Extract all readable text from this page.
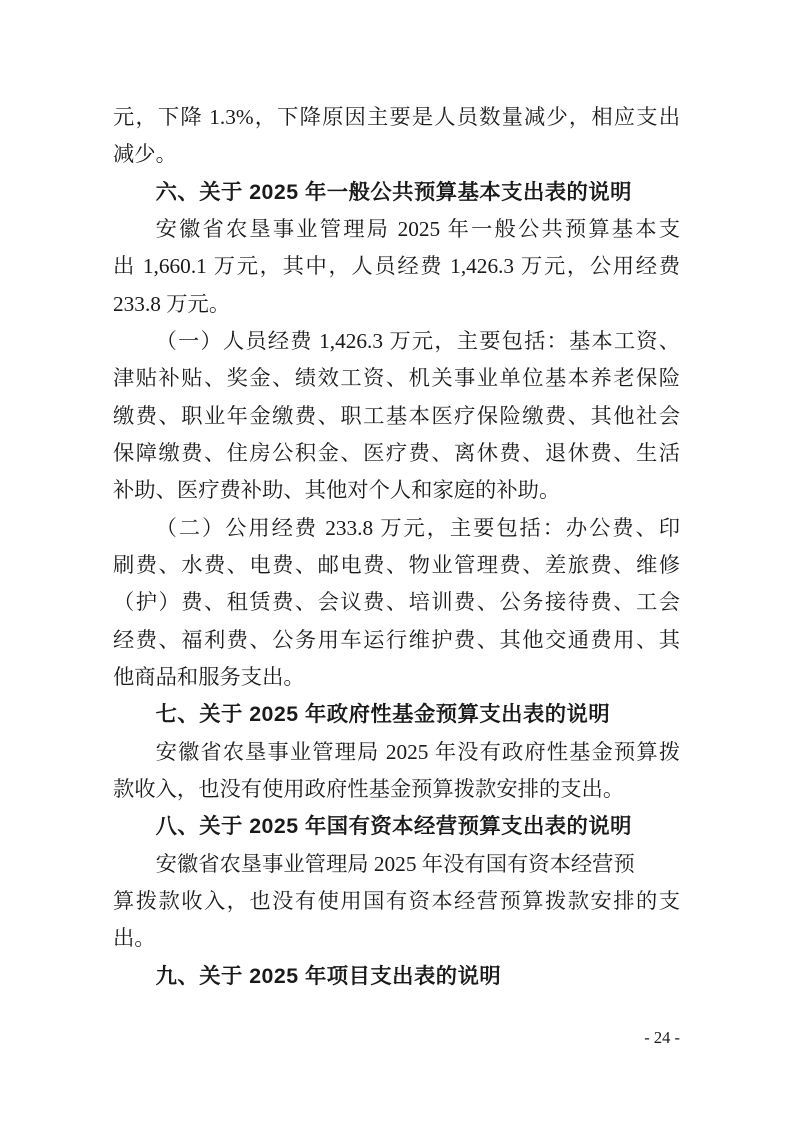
元，下降 1.3%，下降原因主要是人员数量减少，相应支出
减少。
六、关于 2025 年一般公共预算基本支出表的说明
安徽省农垦事业管理局 2025 年一般公共预算基本支
出 1,660.1 万元，其中，人员经费 1,426.3 万元，公用经费
233.8 万元。
（一）人员经费 1,426.3 万元，主要包括：基本工资、
津贴补贴、奖金、绩效工资、机关事业单位基本养老保险
缴费、职业年金缴费、职工基本医疗保险缴费、其他社会
保障缴费、住房公积金、医疗费、离休费、退休费、生活
补助、医疗费补助、其他对个人和家庭的补助。
（二）公用经费 233.8 万元，主要包括：办公费、印
刷费、水费、电费、邮电费、物业管理费、差旅费、维修
（护）费、租赁费、会议费、培训费、公务接待费、工会
经费、福利费、公务用车运行维护费、其他交通费用、其
他商品和服务支出。
七、关于 2025 年政府性基金预算支出表的说明
安徽省农垦事业管理局 2025 年没有政府性基金预算拨
款收入，也没有使用政府性基金预算拨款安排的支出。
八、关于 2025 年国有资本经营预算支出表的说明
安徽省农垦事业管理局 2025 年没有国有资本经营预
算拨款收入，也没有使用国有资本经营预算拨款安排的支
出。
九、关于 2025 年项目支出表的说明
- 24 -
